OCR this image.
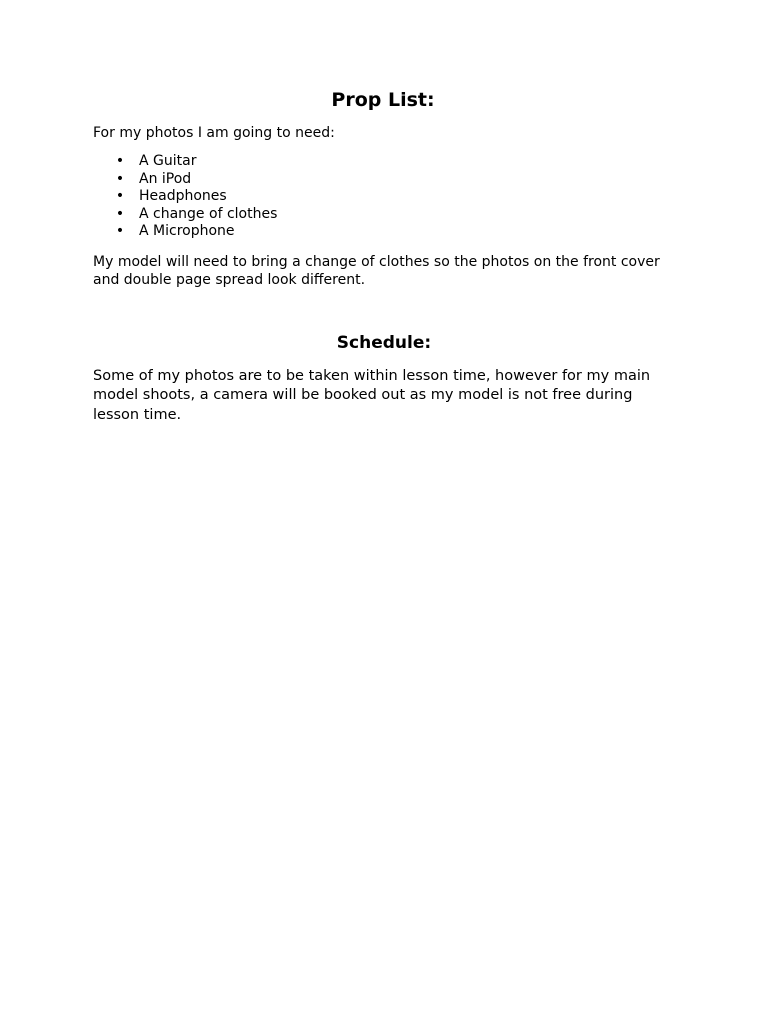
Prop List:

For my photos I am going to need:

• A Guitar
• An iPod
• Headphones
• A change of clothes
• A Microphone

My model will need to bring a change of clothes so the photos on the front cover and double page spread look different.

Schedule:

Some of my photos are to be taken within lesson time, however for my main model shoots, a camera will be booked out as my model is not free during lesson time.
